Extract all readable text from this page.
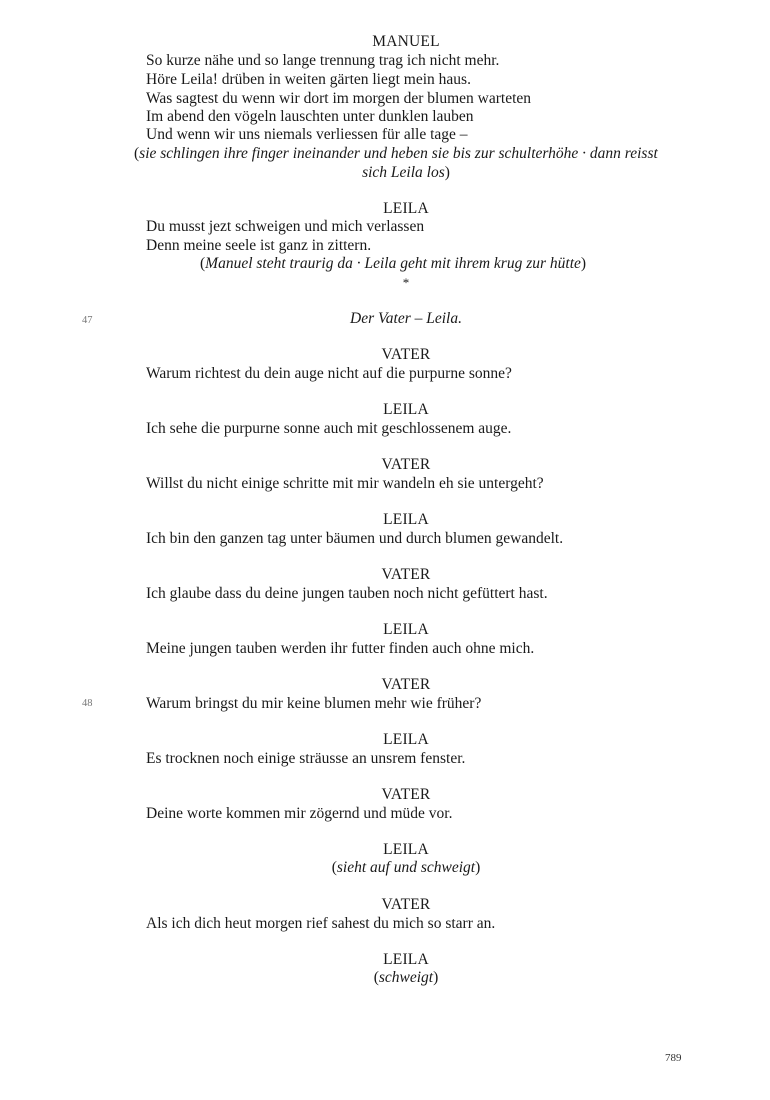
MANUEL
So kurze nähe und so lange trennung trag ich nicht mehr.
Höre Leila! drüben in weiten gärten liegt mein haus.
Was sagtest du wenn wir dort im morgen der blumen warteten
Im abend den vögeln lauschten unter dunklen lauben
Und wenn wir uns niemals verliessen für alle tage –
(sie schlingen ihre finger ineinander und heben sie bis zur schulterhöhe · dann reisst
sich Leila los)
LEILA
Du musst jezt schweigen und mich verlassen
Denn meine seele ist ganz in zittern.
(Manuel steht traurig da · Leila geht mit ihrem krug zur hütte)
*
47	Der Vater – Leila.
VATER
Warum richtest du dein auge nicht auf die purpurne sonne?
LEILA
Ich sehe die purpurne sonne auch mit geschlossenem auge.
VATER
Willst du nicht einige schritte mit mir wandeln eh sie untergeht?
LEILA
Ich bin den ganzen tag unter bäumen und durch blumen gewandelt.
VATER
Ich glaube dass du deine jungen tauben noch nicht gefüttert hast.
LEILA
Meine jungen tauben werden ihr futter finden auch ohne mich.
VATER
48	Warum bringst du mir keine blumen mehr wie früher?
LEILA
Es trocknen noch einige sträusse an unsrem fenster.
VATER
Deine worte kommen mir zögernd und müde vor.
LEILA
(sieht auf und schweigt)
VATER
Als ich dich heut morgen rief sahest du mich so starr an.
LEILA
(schweigt)
789
